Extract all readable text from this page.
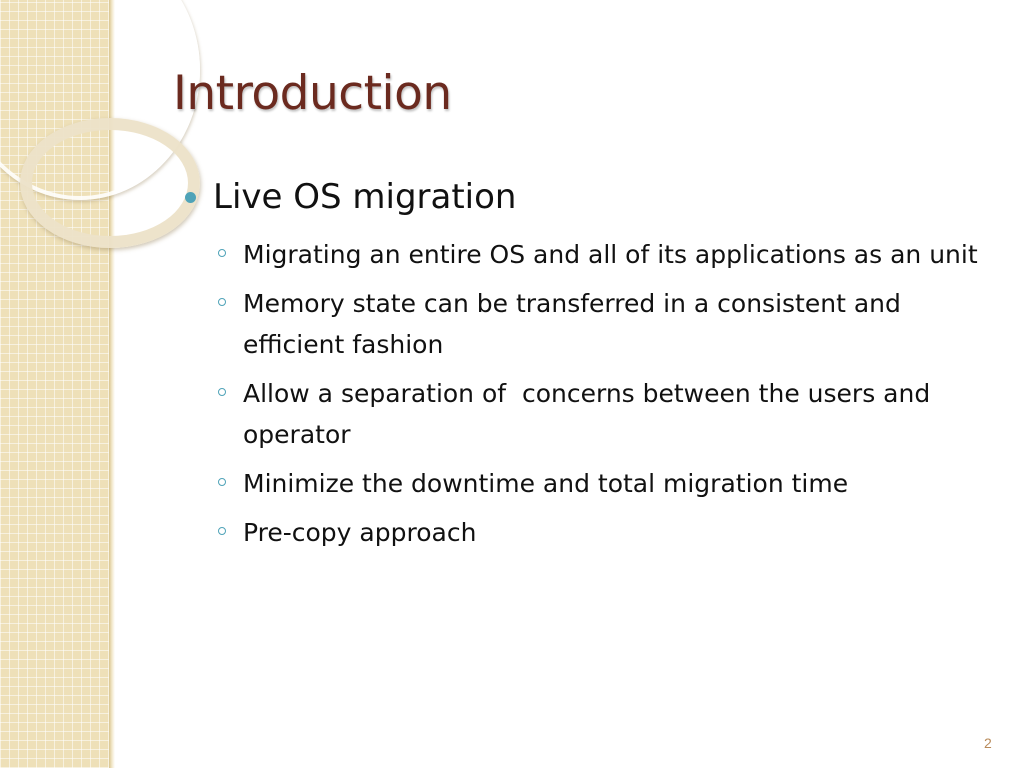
Introduction
Live OS migration
Migrating an entire OS and all of its applications as an unit
Memory state can be transferred in a consistent and efficient fashion
Allow a separation of  concerns between the users and operator
Minimize the downtime and total migration time
Pre-copy approach
2
